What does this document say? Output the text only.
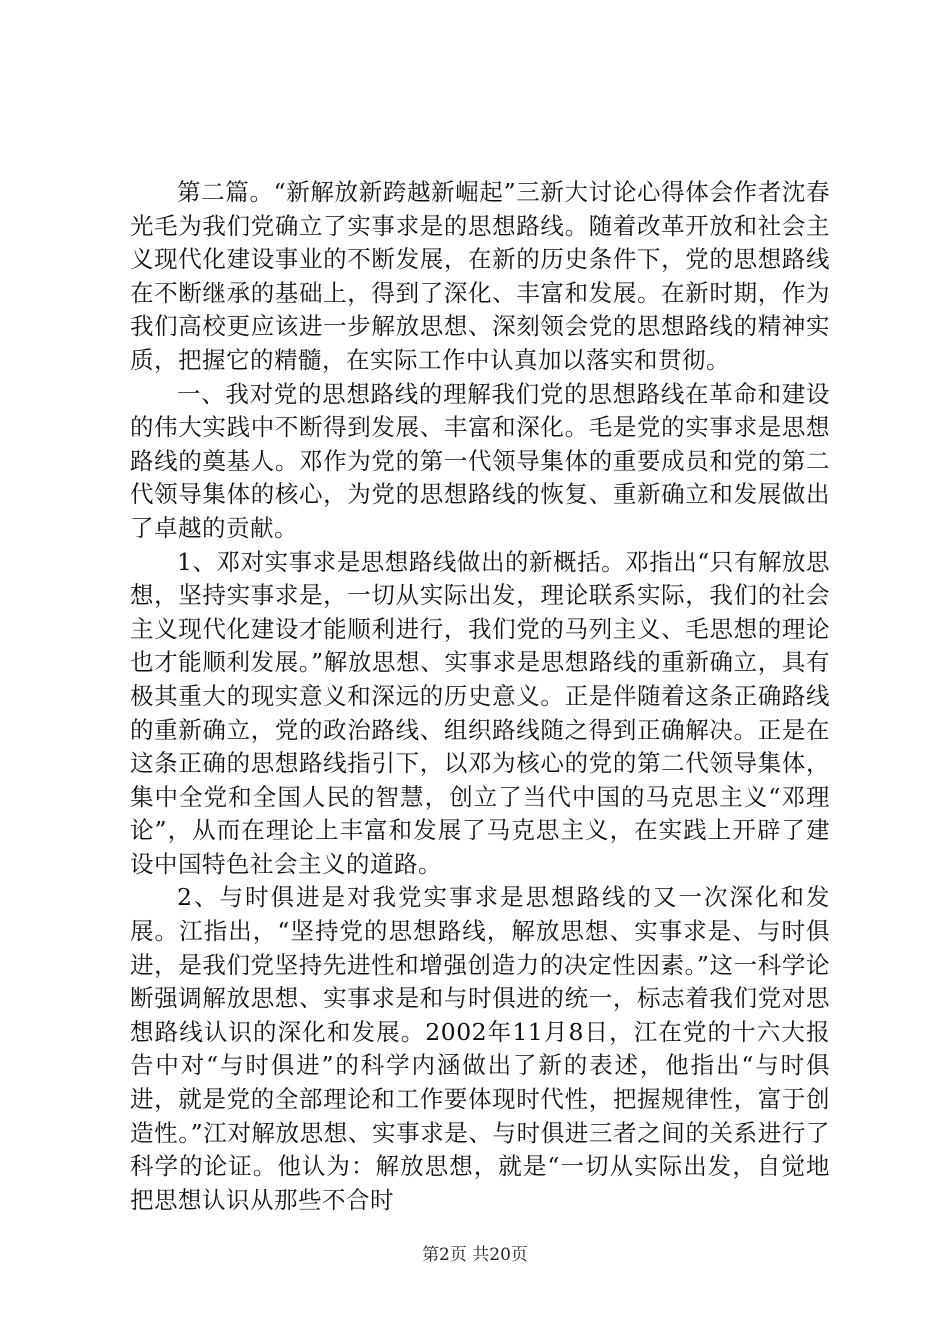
第二篇。“新解放新跨越新崛起”三新大讨论心得体会作者沈春光毛为我们党确立了实事求是的思想路线。随着改革开放和社会主义现代化建设事业的不断发展，在新的历史条件下，党的思想路线在不断继承的基础上，得到了深化、丰富和发展。在新时期，作为我们高校更应该进一步解放思想、深刻领会党的思想路线的精神实质，把握它的精髓，在实际工作中认真加以落实和贯彻。

一、我对党的思想路线的理解我们党的思想路线在革命和建设的伟大实践中不断得到发展、丰富和深化。毛是党的实事求是思想路线的奠基人。邓作为党的第一代领导集体的重要成员和党的第二代领导集体的核心，为党的思想路线的恢复、重新确立和发展做出了卓越的贡献。

1、邓对实事求是思想路线做出的新概括。邓指出“只有解放思想，坚持实事求是，一切从实际出发，理论联系实际，我们的社会主义现代化建设才能顺利进行，我们党的马列主义、毛思想的理论也才能顺利发展。”解放思想、实事求是思想路线的重新确立，具有极其重大的现实意义和深远的历史意义。正是伴随着这条正确路线的重新确立，党的政治路线、组织路线随之得到正确解决。正是在这条正确的思想路线指引下，以邓为核心的党的第二代领导集体，集中全党和全国人民的智慧，创立了当代中国的马克思主义“邓理论”，从而在理论上丰富和发展了马克思主义，在实践上开辟了建设中国特色社会主义的道路。

2、与时俱进是对我党实事求是思想路线的又一次深化和发展。江指出，“坚持党的思想路线，解放思想、实事求是、与时俱进，是我们党坚持先进性和增强创造力的决定性因素。”这一科学论断强调解放思想、实事求是和与时俱进的统一，标志着我们党对思想路线认识的深化和发展。2002年11月8日，江在党的十六大报告中对“与时俱进”的科学内涵做出了新的表述，他指出“与时俱进，就是党的全部理论和工作要体现时代性，把握规律性，富于创造性。”江对解放思想、实事求是、与时俱进三者之间的关系进行了科学的论证。他认为：解放思想，就是“一切从实际出发，自觉地把思想认识从那些不合时

第2页 共20页
